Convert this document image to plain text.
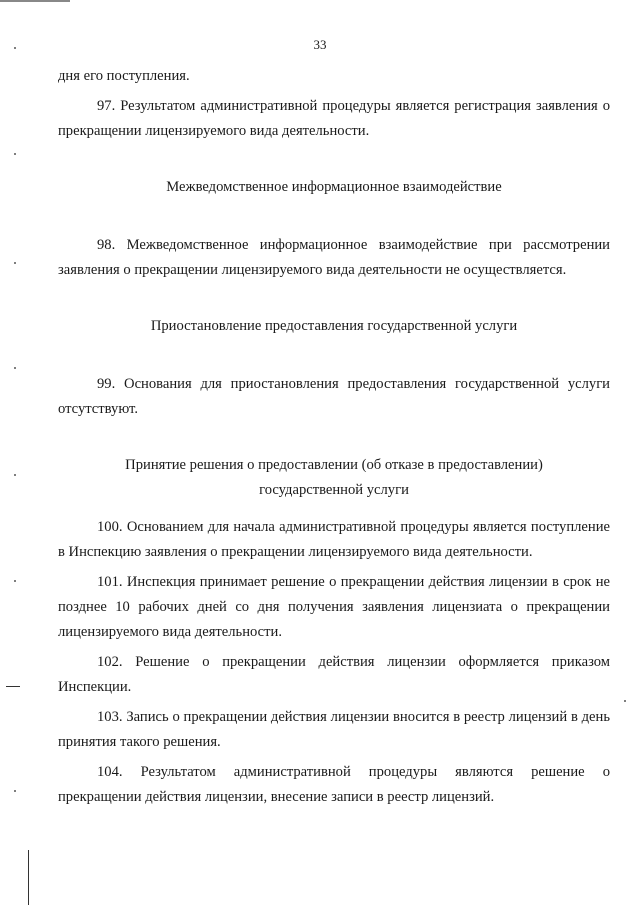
33

дня его поступления.

97. Результатом административной процедуры является регистрация заявления о прекращении лицензируемого вида деятельности.

Межведомственное информационное взаимодействие

98. Межведомственное информационное взаимодействие при рассмотрении заявления о прекращении лицензируемого вида деятельности не осуществляется.

Приостановление предоставления государственной услуги

99. Основания для приостановления предоставления государственной услуги отсутствуют.

Принятие решения о предоставлении (об отказе в предоставлении)
государственной услуги

100. Основанием для начала административной процедуры является поступление в Инспекцию заявления о прекращении лицензируемого вида деятельности.

101. Инспекция принимает решение о прекращении действия лицензии в срок не позднее 10 рабочих дней со дня получения заявления лицензиата о прекращении лицензируемого вида деятельности.

102. Решение о прекращении действия лицензии оформляется приказом Инспекции.

103. Запись о прекращении действия лицензии вносится в реестр лицензий в день принятия такого решения.

104. Результатом административной процедуры являются решение о прекращении действия лицензии, внесение записи в реестр лицензий.
